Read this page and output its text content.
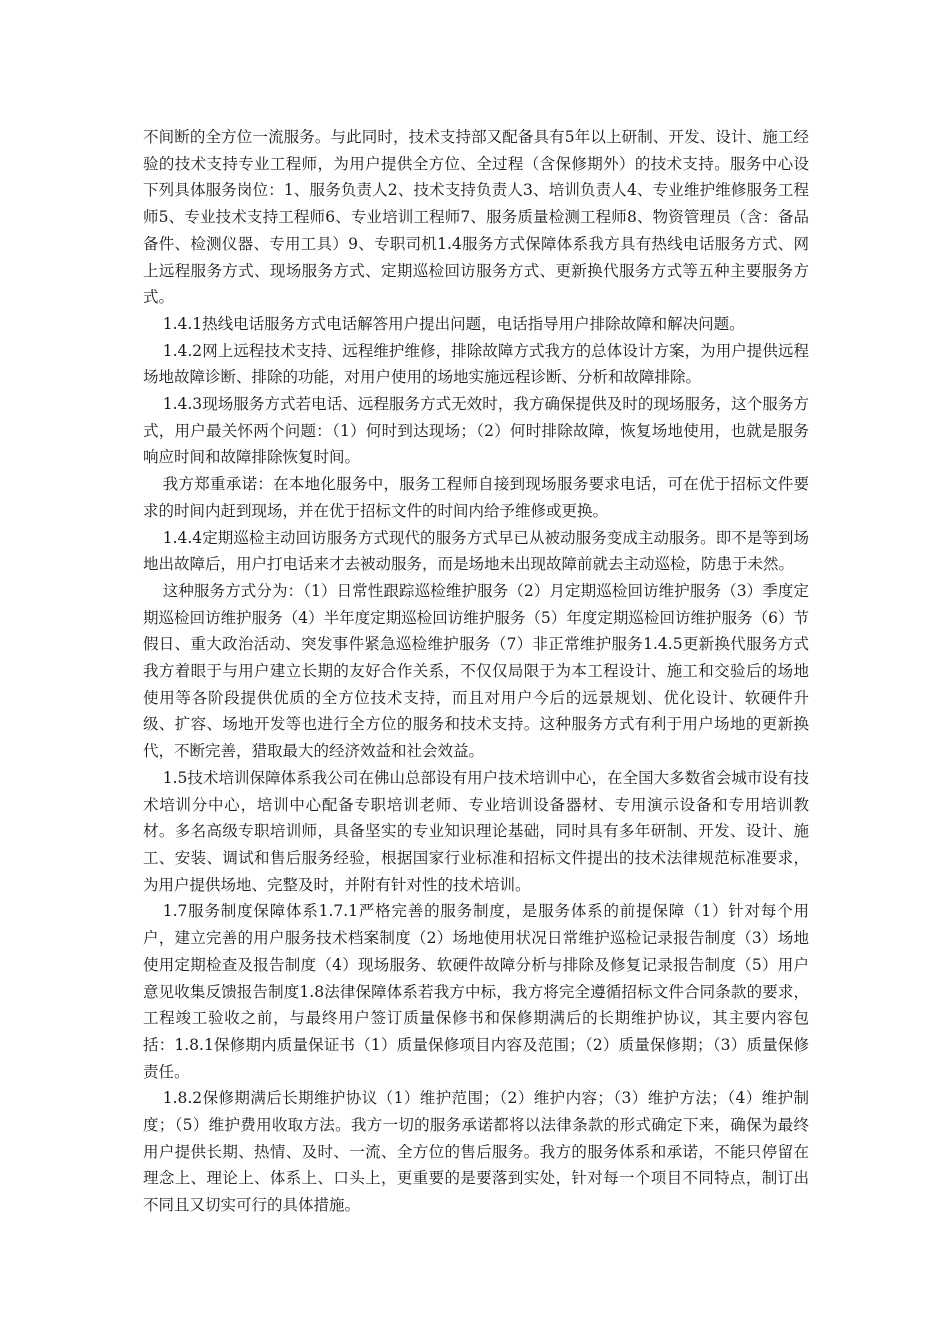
不间断的全方位一流服务。与此同时，技术支持部又配备具有5年以上研制、开发、设计、施工经验的技术支持专业工程师，为用户提供全方位、全过程（含保修期外）的技术支持。服务中心设下列具体服务岗位：1、服务负责人2、技术支持负责人3、培训负责人4、专业维护维修服务工程师5、专业技术支持工程师6、专业培训工程师7、服务质量检测工程师8、物资管理员（含：备品备件、检测仪器、专用工具）9、专职司机1.4服务方式保障体系我方具有热线电话服务方式、网上远程服务方式、现场服务方式、定期巡检回访服务方式、更新换代服务方式等五种主要服务方式。

1.4.1热线电话服务方式电话解答用户提出问题，电话指导用户排除故障和解决问题。

1.4.2网上远程技术支持、远程维护维修，排除故障方式我方的总体设计方案，为用户提供远程场地故障诊断、排除的功能，对用户使用的场地实施远程诊断、分析和故障排除。

1.4.3现场服务方式若电话、远程服务方式无效时，我方确保提供及时的现场服务，这个服务方式，用户最关怀两个问题：（1）何时到达现场；（2）何时排除故障，恢复场地使用，也就是服务响应时间和故障排除恢复时间。

我方郑重承诺：在本地化服务中，服务工程师自接到现场服务要求电话，可在优于招标文件要求的时间内赶到现场，并在优于招标文件的时间内给予维修或更换。

1.4.4定期巡检主动回访服务方式现代的服务方式早已从被动服务变成主动服务。即不是等到场地出故障后，用户打电话来才去被动服务，而是场地未出现故障前就去主动巡检，防患于未然。

这种服务方式分为：（1）日常性跟踪巡检维护服务（2）月定期巡检回访维护服务（3）季度定期巡检回访维护服务（4）半年度定期巡检回访维护服务（5）年度定期巡检回访维护服务（6）节假日、重大政治活动、突发事件紧急巡检维护服务（7）非正常维护服务1.4.5更新换代服务方式我方着眼于与用户建立长期的友好合作关系，不仅仅局限于为本工程设计、施工和交验后的场地使用等各阶段提供优质的全方位技术支持，而且对用户今后的远景规划、优化设计、软硬件升级、扩容、场地开发等也进行全方位的服务和技术支持。这种服务方式有利于用户场地的更新换代，不断完善，猎取最大的经济效益和社会效益。

1.5技术培训保障体系我公司在佛山总部设有用户技术培训中心，在全国大多数省会城市设有技术培训分中心，培训中心配备专职培训老师、专业培训设备器材、专用演示设备和专用培训教材。多名高级专职培训师，具备坚实的专业知识理论基础，同时具有多年研制、开发、设计、施工、安装、调试和售后服务经验，根据国家行业标准和招标文件提出的技术法律规范标准要求，为用户提供场地、完整及时，并附有针对性的技术培训。

1.7服务制度保障体系1.7.1严格完善的服务制度，是服务体系的前提保障（1）针对每个用户，建立完善的用户服务技术档案制度（2）场地使用状况日常维护巡检记录报告制度（3）场地使用定期检查及报告制度（4）现场服务、软硬件故障分析与排除及修复记录报告制度（5）用户意见收集反馈报告制度1.8法律保障体系若我方中标，我方将完全遵循招标文件合同条款的要求，工程竣工验收之前，与最终用户签订质量保修书和保修期满后的长期维护协议，其主要内容包括：1.8.1保修期内质量保证书（1）质量保修项目内容及范围；（2）质量保修期；（3）质量保修责任。

1.8.2保修期满后长期维护协议（1）维护范围；（2）维护内容；（3）维护方法；（4）维护制度；（5）维护费用收取方法。我方一切的服务承诺都将以法律条款的形式确定下来，确保为最终用户提供长期、热情、及时、一流、全方位的售后服务。我方的服务体系和承诺，不能只停留在理念上、理论上、体系上、口头上，更重要的是要落到实处，针对每一个项目不同特点，制订出不同且又切实可行的具体措施。
